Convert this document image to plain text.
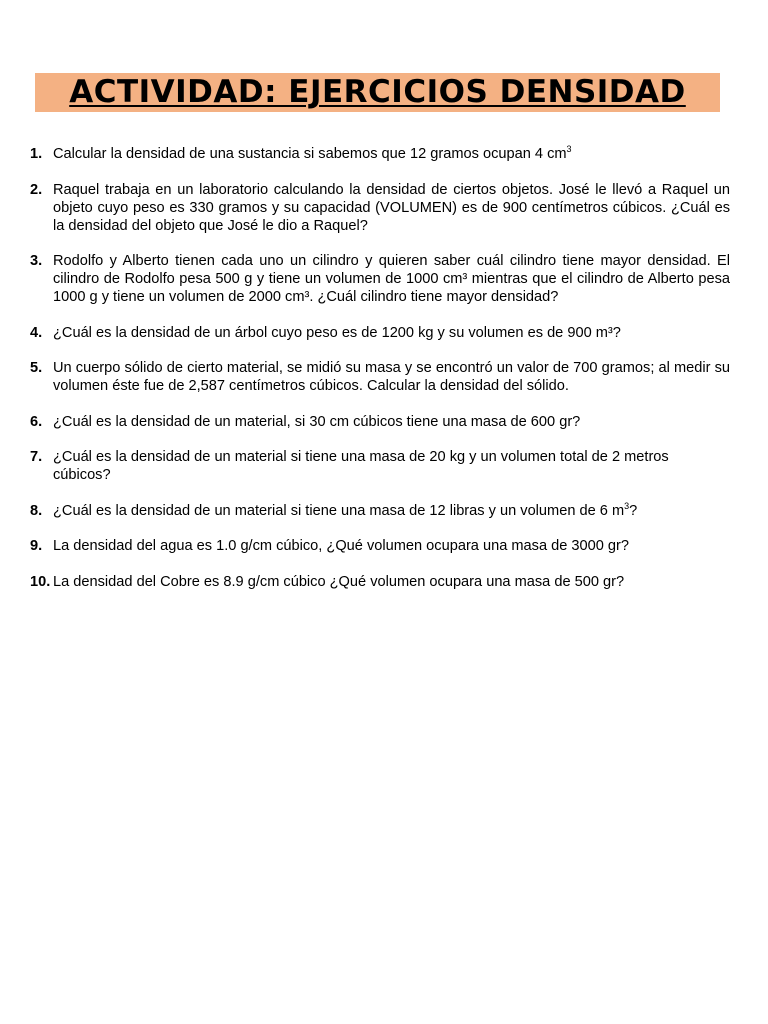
ACTIVIDAD: EJERCICIOS DENSIDAD
1. Calcular la densidad de una sustancia si sabemos que 12 gramos ocupan 4 $cm^3$
2. Raquel trabaja en un laboratorio calculando la densidad de ciertos objetos. José le llevó a Raquel un objeto cuyo peso es 330 gramos y su capacidad (VOLUMEN) es de 900 centímetros cúbicos. ¿Cuál es la densidad del objeto que José le dio a Raquel?
3. Rodolfo y Alberto tienen cada uno un cilindro y quieren saber cuál cilindro tiene mayor densidad. El cilindro de Rodolfo pesa 500 g y tiene un volumen de 1000 cm³ mientras que el cilindro de Alberto pesa 1000 g y tiene un volumen de 2000 cm³. ¿Cuál cilindro tiene mayor densidad?
4. ¿Cuál es la densidad de un árbol cuyo peso es de 1200 kg y su volumen es de 900 m³?
5. Un cuerpo sólido de cierto material, se midió su masa y se encontró un valor de 700 gramos; al medir su volumen éste fue de 2,587 centímetros cúbicos. Calcular la densidad del sólido.
6. ¿Cuál es la densidad de un material, si 30 cm cúbicos tiene una masa de 600 gr?
7. ¿Cuál es la densidad de un material si tiene una masa de 20 kg y un volumen total de 2 metros cúbicos?
8. ¿Cuál es la densidad de un material si tiene una masa de 12 libras y un volumen de 6 $m^3$?
9. La densidad del agua es 1.0 g/cm cúbico, ¿Qué volumen ocupara una masa de 3000 gr?
10. La densidad del Cobre es 8.9 g/cm cúbico ¿Qué volumen ocupara una masa de 500 gr?
